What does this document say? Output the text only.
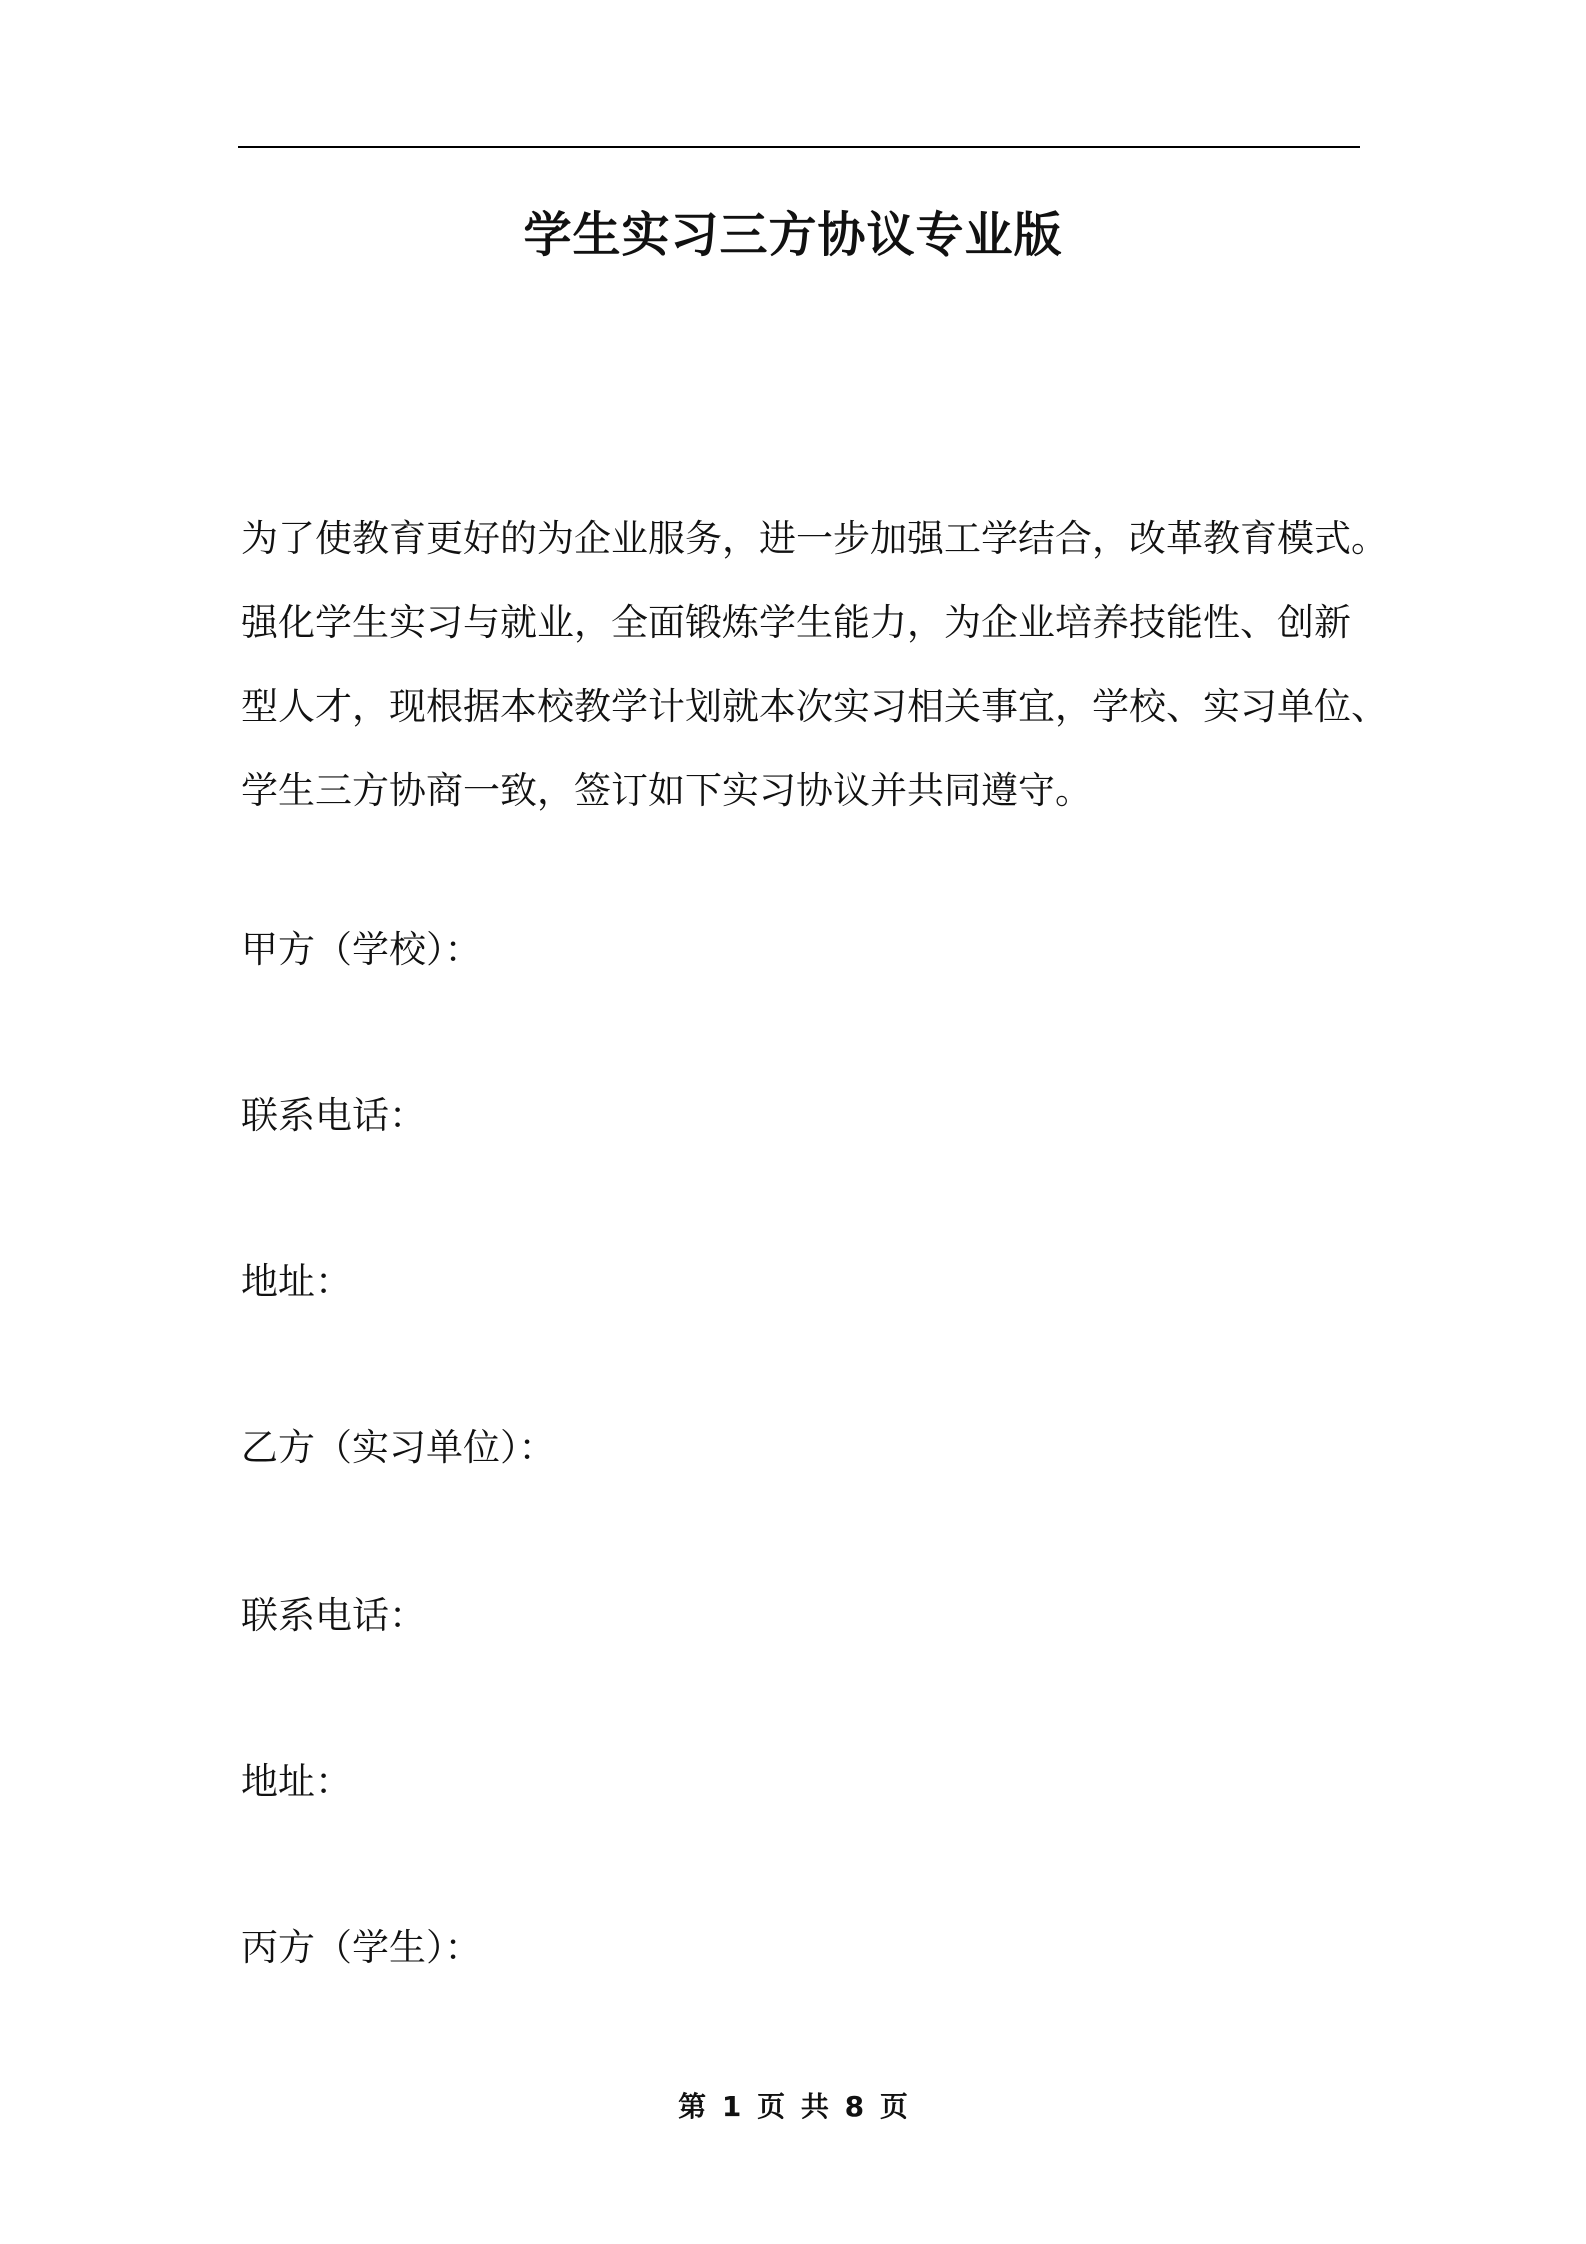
学生实习三方协议专业版

为了使教育更好的为企业服务，进一步加强工学结合，改革教育模式。

强化学生实习与就业，全面锻炼学生能力，为企业培养技能性、创新

型人才，现根据本校教学计划就本次实习相关事宜，学校、实习单位、

学生三方协商一致，签订如下实习协议并共同遵守。

甲方（学校）：
联系电话：
地址：
乙方（实习单位）：
联系电话：
地址：
丙方（学生）：
第 1 页 共 8 页
